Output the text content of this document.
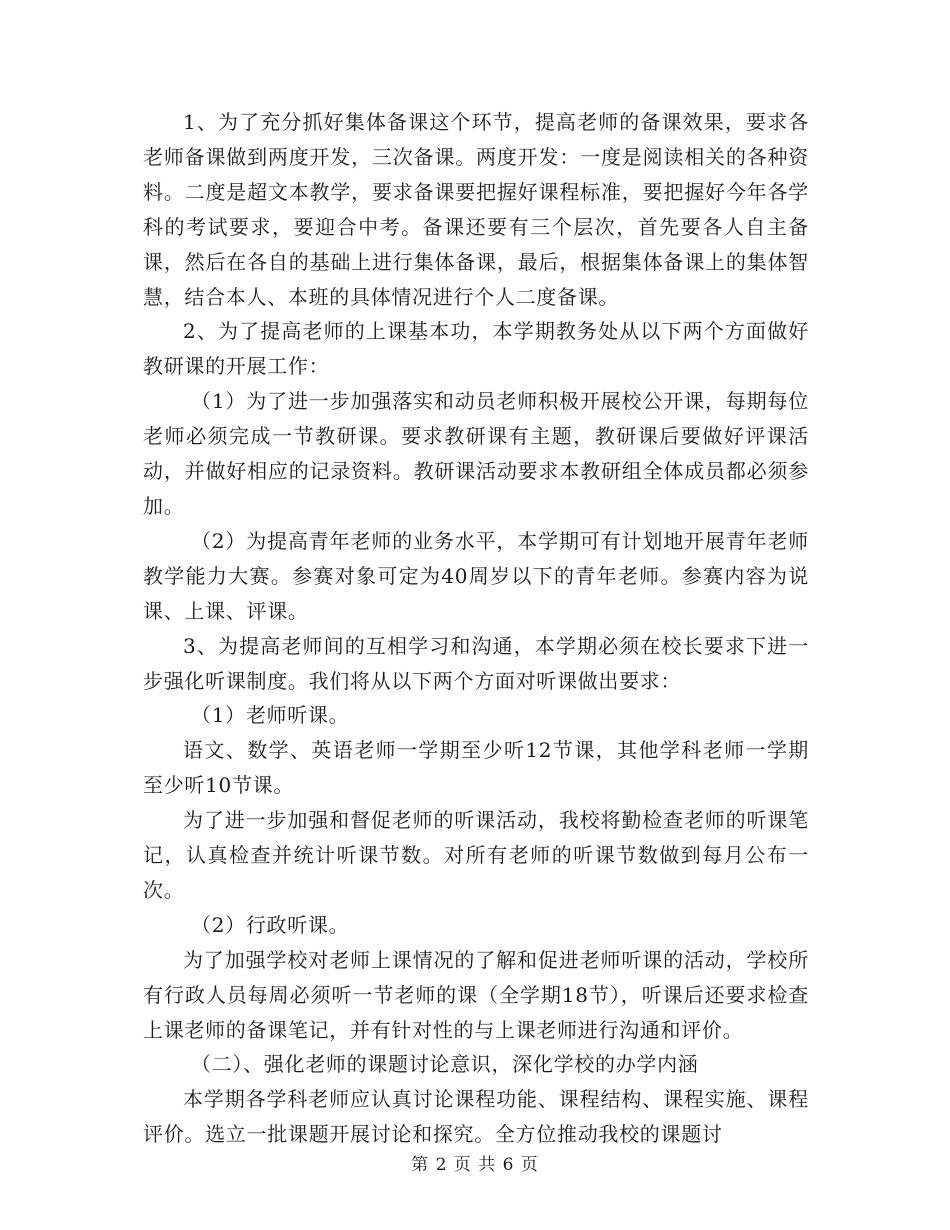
1、为了充分抓好集体备课这个环节，提高老师的备课效果，要求各老师备课做到两度开发，三次备课。两度开发：一度是阅读相关的各种资料。二度是超文本教学，要求备课要把握好课程标准，要把握好今年各学科的考试要求，要迎合中考。备课还要有三个层次，首先要各人自主备课，然后在各自的基础上进行集体备课，最后，根据集体备课上的集体智慧，结合本人、本班的具体情况进行个人二度备课。

2、为了提高老师的上课基本功，本学期教务处从以下两个方面做好教研课的开展工作：

（1）为了进一步加强落实和动员老师积极开展校公开课，每期每位老师必须完成一节教研课。要求教研课有主题，教研课后要做好评课活动，并做好相应的记录资料。教研课活动要求本教研组全体成员都必须参加。

（2）为提高青年老师的业务水平，本学期可有计划地开展青年老师教学能力大赛。参赛对象可定为40周岁以下的青年老师。参赛内容为说课、上课、评课。

3、为提高老师间的互相学习和沟通，本学期必须在校长要求下进一步强化听课制度。我们将从以下两个方面对听课做出要求：

（1）老师听课。

语文、数学、英语老师一学期至少听12节课，其他学科老师一学期至少听10节课。

为了进一步加强和督促老师的听课活动，我校将勤检查老师的听课笔记，认真检查并统计听课节数。对所有老师的听课节数做到每月公布一次。

（2）行政听课。

为了加强学校对老师上课情况的了解和促进老师听课的活动，学校所有行政人员每周必须听一节老师的课（全学期18节），听课后还要求检查上课老师的备课笔记，并有针对性的与上课老师进行沟通和评价。

（二）、强化老师的课题讨论意识，深化学校的办学内涵

本学期各学科老师应认真讨论课程功能、课程结构、课程实施、课程评价。选立一批课题开展讨论和探究。全方位推动我校的课题讨

第 2 页 共 6 页
